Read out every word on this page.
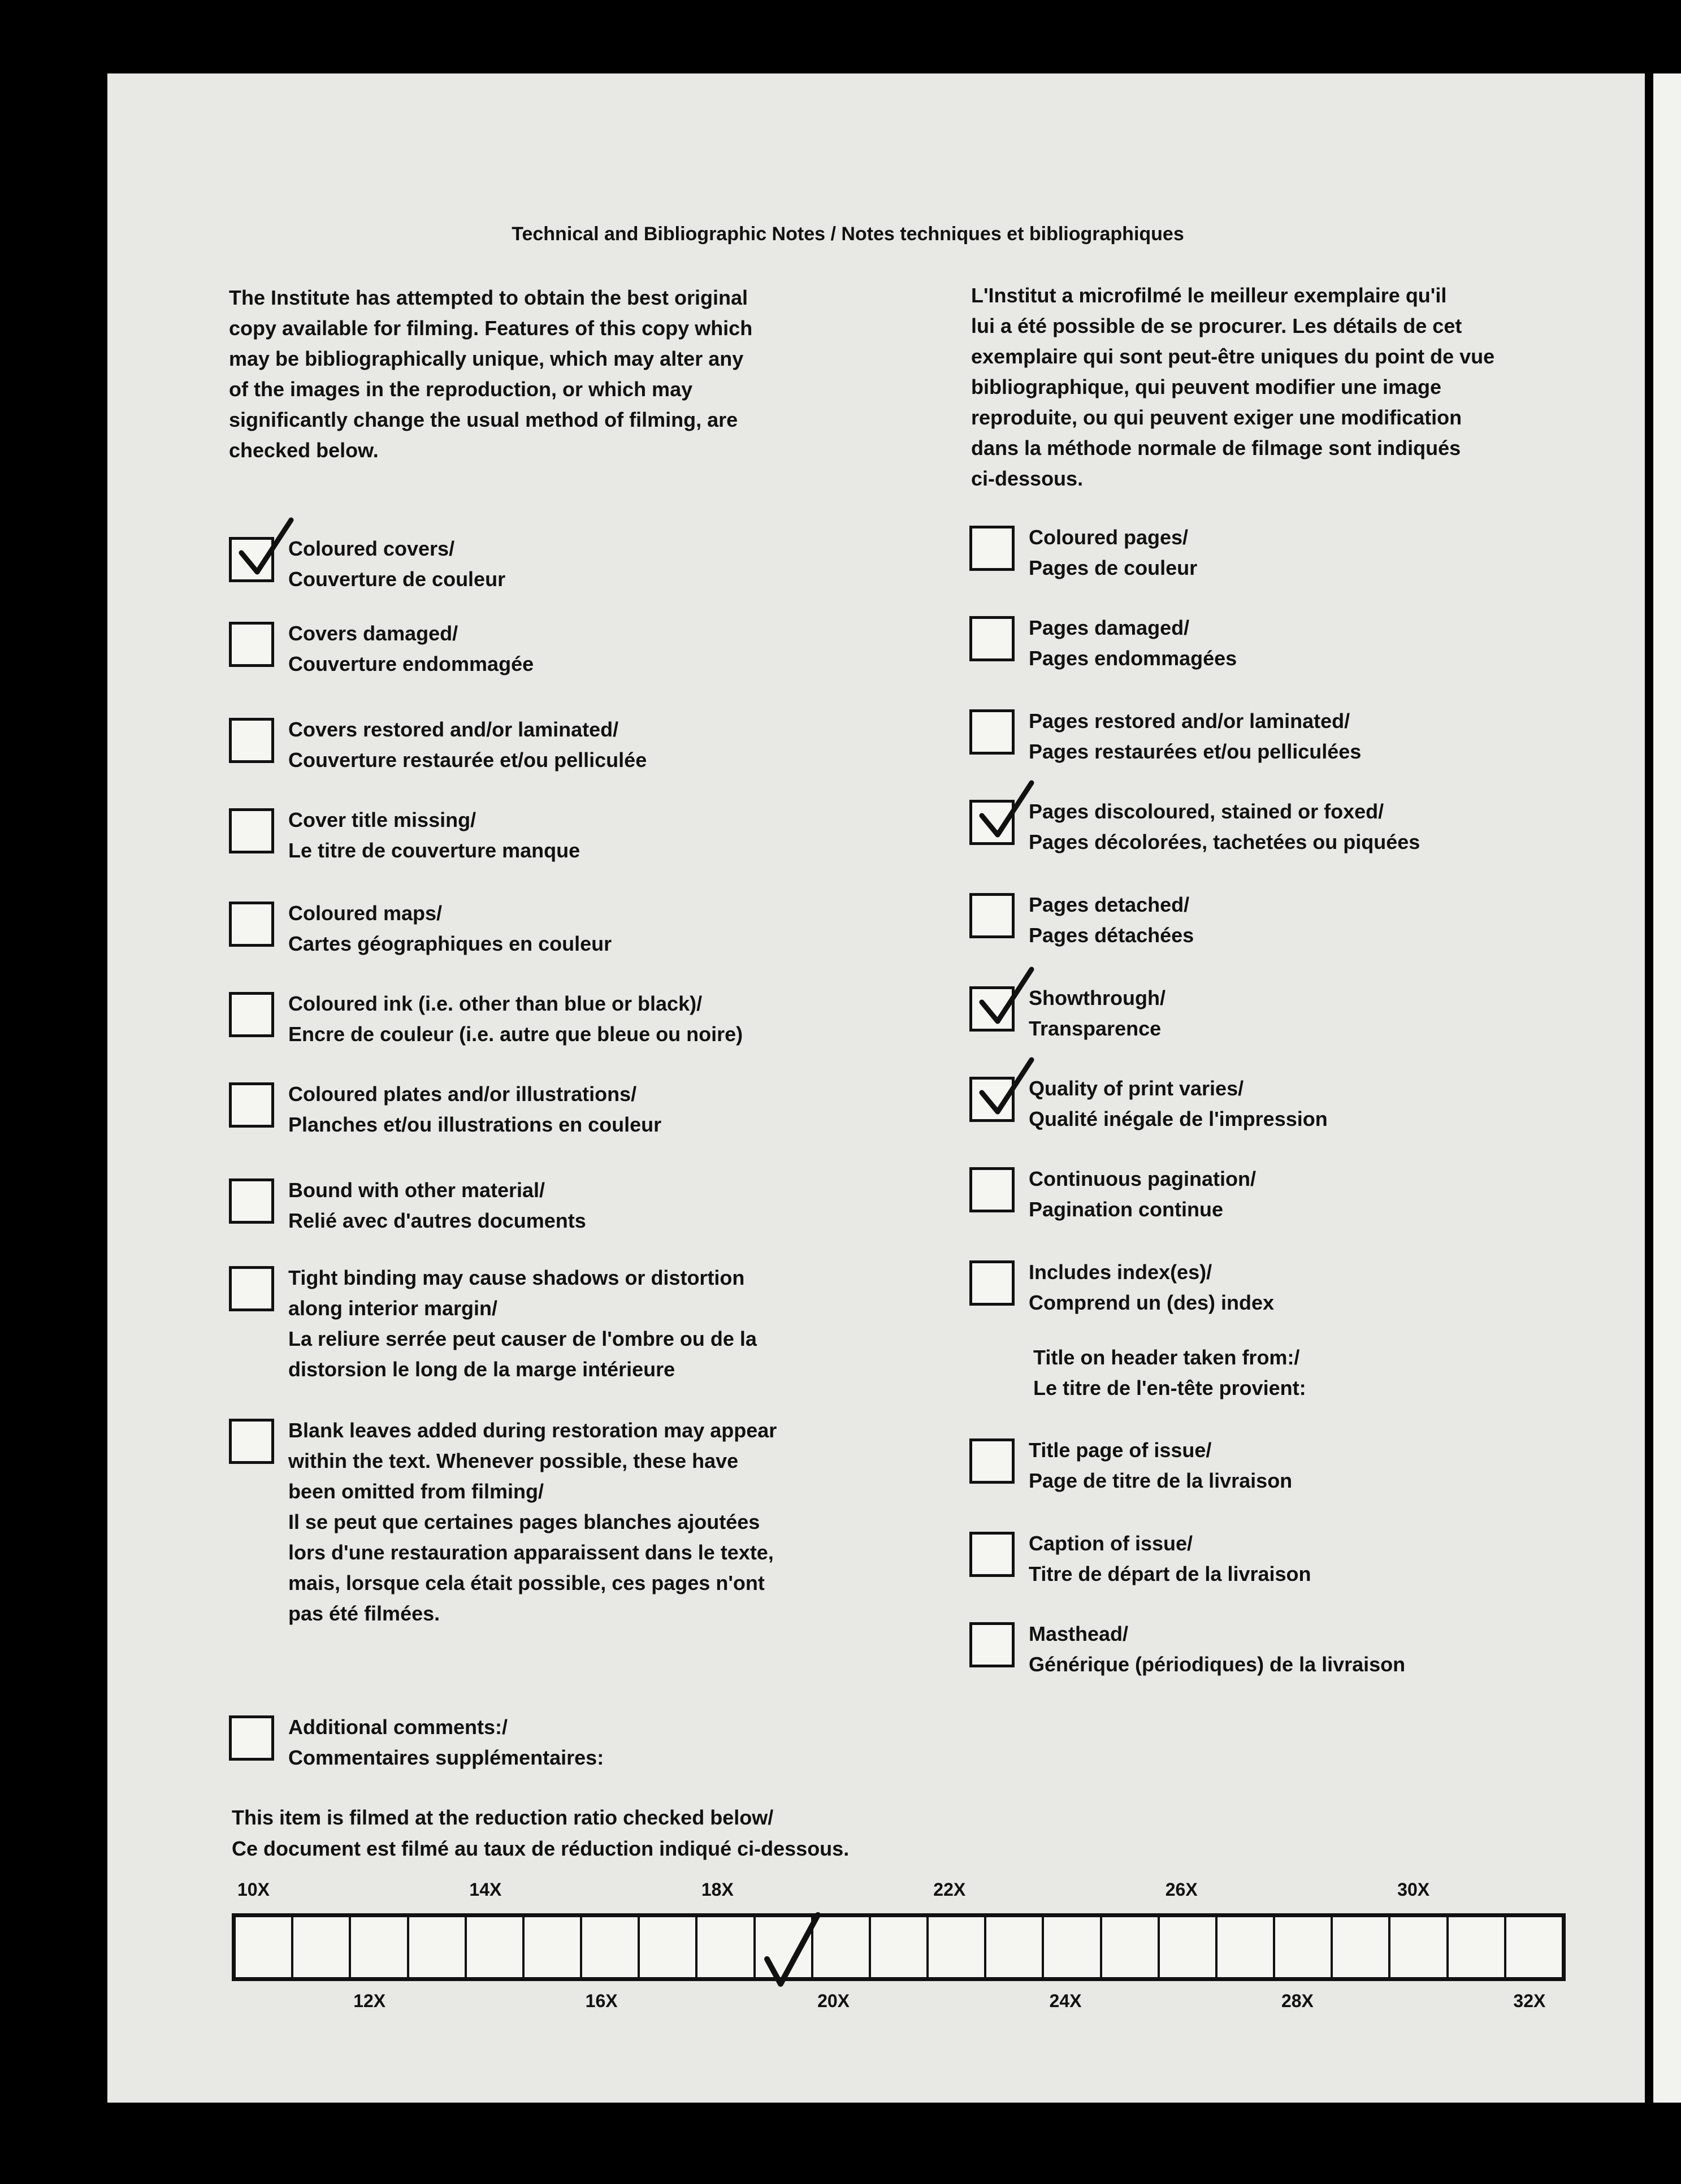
Technical and Bibliographic Notes / Notes techniques et bibliographiques
The Institute has attempted to obtain the best original
copy available for filming. Features of this copy which
may be bibliographically unique, which may alter any
of the images in the reproduction, or which may
significantly change the usual method of filming, are
checked below.
L'Institut a microfilmé le meilleur exemplaire qu'il
lui a été possible de se procurer. Les détails de cet
exemplaire qui sont peut-être uniques du point de vue
bibliographique, qui peuvent modifier une image
reproduite, ou qui peuvent exiger une modification
dans la méthode normale de filmage sont indiqués
ci-dessous.
Coloured covers/
Couverture de couleur
Covers damaged/
Couverture endommagée
Covers restored and/or laminated/
Couverture restaurée et/ou pelliculée
Cover title missing/
Le titre de couverture manque
Coloured maps/
Cartes géographiques en couleur
Coloured ink (i.e. other than blue or black)/
Encre de couleur (i.e. autre que bleue ou noire)
Coloured plates and/or illustrations/
Planches et/ou illustrations en couleur
Bound with other material/
Relié avec d'autres documents
Tight binding may cause shadows or distortion
along interior margin/
La reliure serrée peut causer de l'ombre ou de la
distorsion le long de la marge intérieure
Blank leaves added during restoration may appear
within the text. Whenever possible, these have
been omitted from filming/
Il se peut que certaines pages blanches ajoutées
lors d'une restauration apparaissent dans le texte,
mais, lorsque cela était possible, ces pages n'ont
pas été filmées.
Additional comments:/
Commentaires supplémentaires:
Coloured pages/
Pages de couleur
Pages damaged/
Pages endommagées
Pages restored and/or laminated/
Pages restaurées et/ou pelliculées
Pages discoloured, stained or foxed/
Pages décolorées, tachetées ou piquées
Pages detached/
Pages détachées
Showthrough/
Transparence
Quality of print varies/
Qualité inégale de l'impression
Continuous pagination/
Pagination continue
Includes index(es)/
Comprend un (des) index
Title page of issue/
Page de titre de la livraison
Caption of issue/
Titre de départ de la livraison
Masthead/
Générique (périodiques) de la livraison
Title on header taken from:/
Le titre de l'en-tête provient:
This item is filmed at the reduction ratio checked below/
Ce document est filmé au taux de réduction indiqué ci-dessous.
10X	14X	18X	22X	26X	30X
12X	16X	20X	24X	28X	32X
